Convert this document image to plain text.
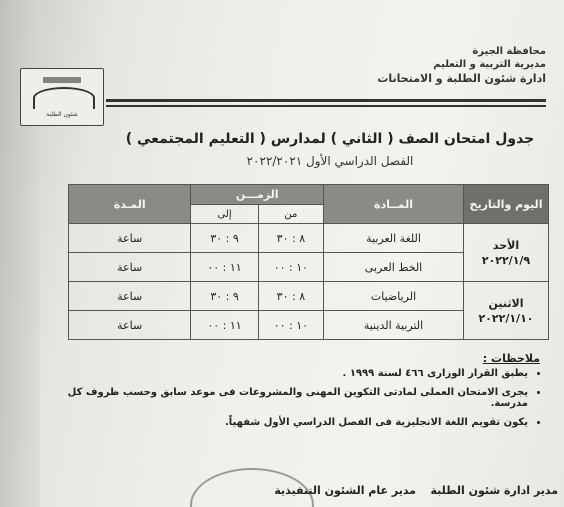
محافظة الجيزة
مديرية التربية و التعليم
ادارة شئون الطلبة و الامتحانات
شئون الطلبة
جدول امتحان الصف ( الثاني ) لمدارس ( التعليم المجتمعي )
الفصل الدراسي الأول ٢٠٢٢/٢٠٢١
اليوم والتاريخ	المــادة	الزمـــن		المـدة
		من	إلى	

الأحد
٢٠٢٢/١/٩	اللغة العربية	٨ : ٣٠	٩ : ٣٠	ساعة
	الخط العربى	١٠ : ٠٠	١١ : ٠٠	ساعة

الاثنين
٢٠٢٢/١/١٠	الرياضيات	٨ : ٣٠	٩ : ٣٠	ساعة
	التربية الدينية	١٠ : ٠٠	١١ : ٠٠	ساعة
ملاحظات :
• يطبق القرار الوزارى ٤٦٦ لسنة ١٩٩٩ .
• يجرى الامتحان العملى لمادتى التكوين المهنى والمشروعات فى موعد سابق وحسب ظروف كل مدرسة.
• يكون تقويم اللغة الانجليزية فى الفصل الدراسي الأول شفهياً.
مدير ادارة شئون الطلبة
مدير عام الشئون التنفيذية
